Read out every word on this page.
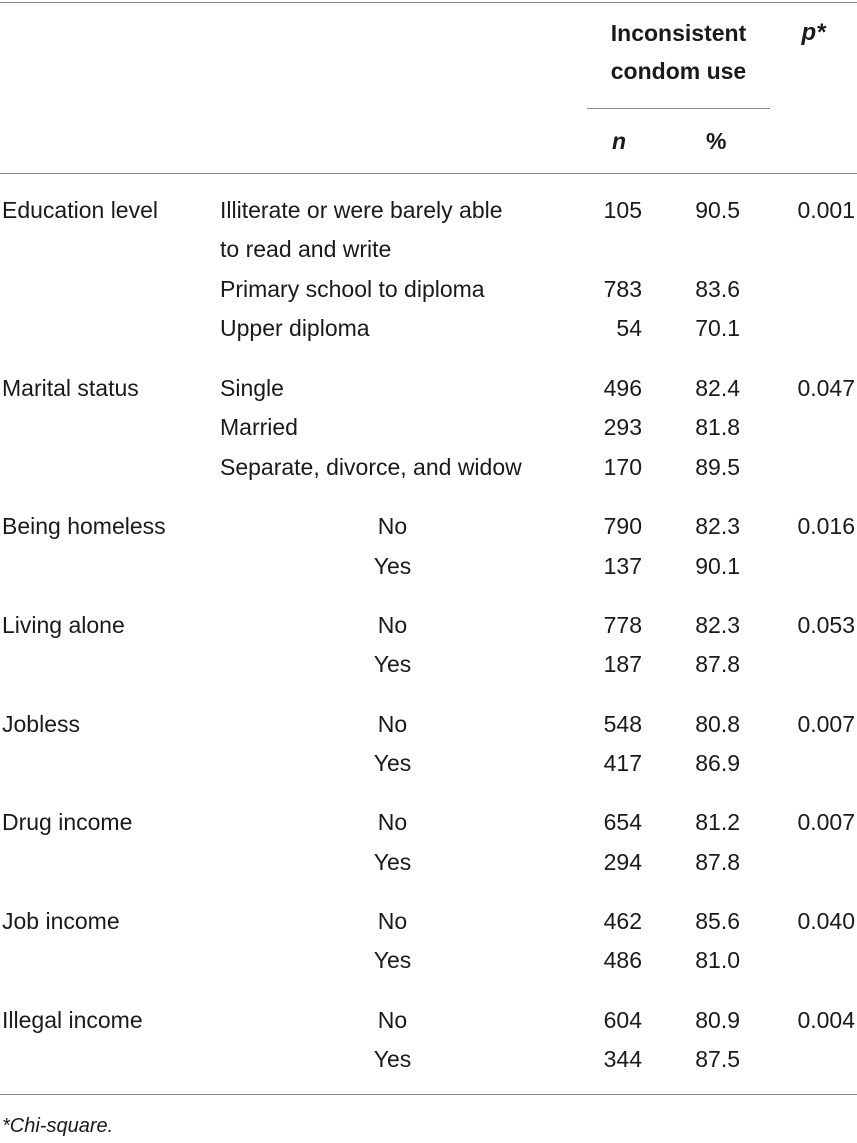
Inconsistent
condom use
p*
n	%
Education level	Illiterate or were barely able
to read and write
105	90.5	0.001
Primary school to diploma	783	83.6
Upper diploma	54	70.1
Marital status	Single	496	82.4	0.047
Married	293	81.8
Separate, divorce, and widow	170	89.5
Being homeless	No	790	82.3	0.016
Yes	137	90.1
Living alone	No	778	82.3	0.053
Yes	187	87.8
Jobless	No	548	80.8	0.007
Yes	417	86.9
Drug income	No	654	81.2	0.007
Yes	294	87.8
Job income	No	462	85.6	0.040
Yes	486	81.0
Illegal income	No	604	80.9	0.004
Yes	344	87.5
*Chi-square.
